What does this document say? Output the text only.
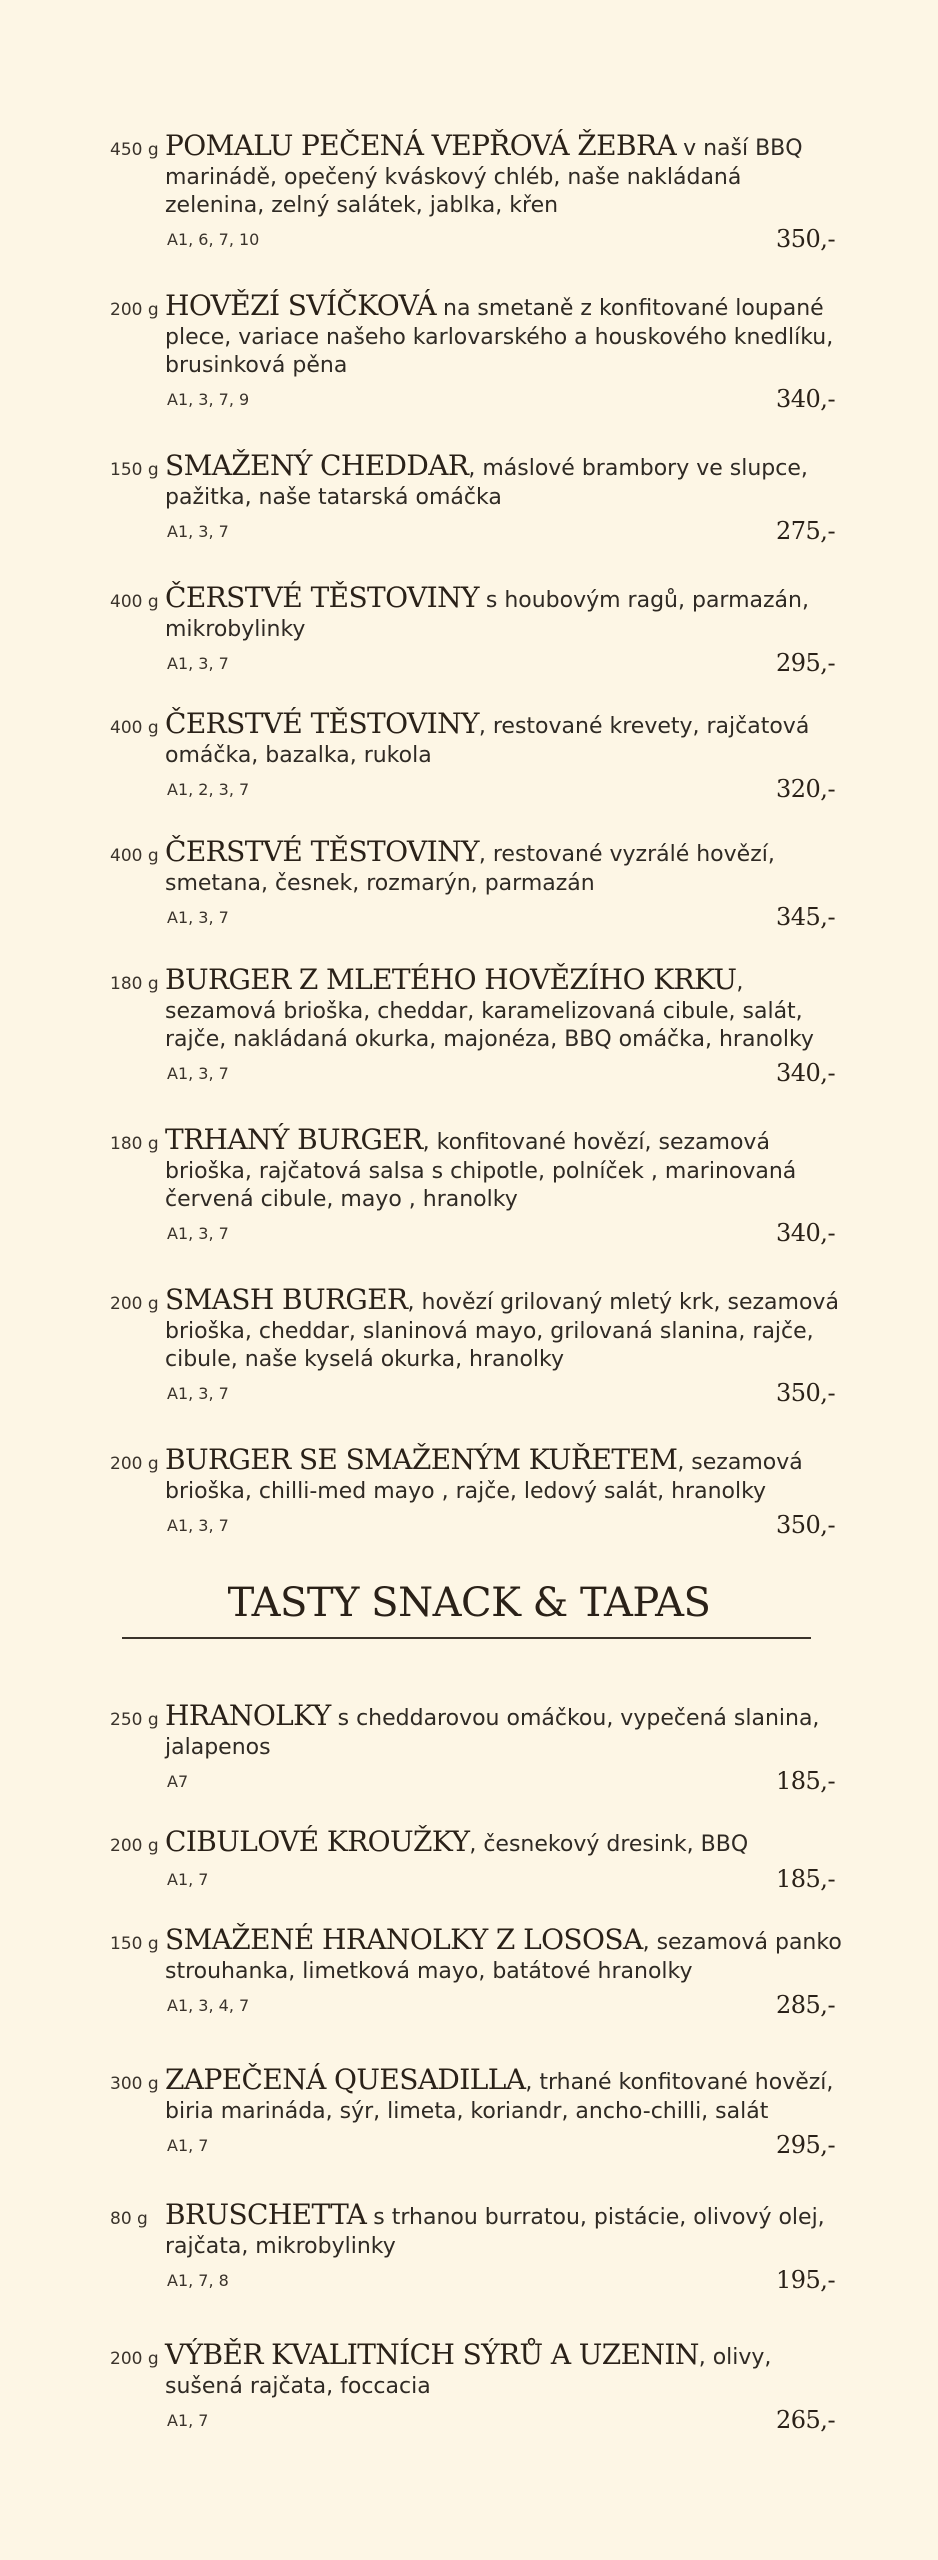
450 g POMALU PEČENÁ VEPŘOVÁ ŽEBRA v naší BBQ marinádě, opečený kváskový chléb, naše nakládaná zelenina, zelný salátek, jablka, křen
A1, 6, 7, 10	350,-
200 g HOVĚZÍ SVÍČKOVÁ na smetaně z konfitované loupané plece, variace našeho karlovarského a houskového knedlíku, brusinková pěna
A1, 3, 7, 9	340,-
150 g SMAŽENÝ CHEDDAR, máslové brambory ve slupce, pažitka, naše tatarská omáčka
A1, 3, 7	275,-
400 g ČERSTVÉ TĚSTOVINY s houbovým ragů, parmazán, mikrobylinky
A1, 3, 7	295,-
400 g ČERSTVÉ TĚSTOVINY, restované krevety, rajčatová omáčka, bazalka, rukola
A1, 2, 3, 7	320,-
400 g ČERSTVÉ TĚSTOVINY, restované vyzrálé hovězí, smetana, česnek, rozmarýn, parmazán
A1, 3, 7	345,-
180 g BURGER Z MLETÉHO HOVĚZÍHO KRKU, sezamová brioška, cheddar, karamelizovaná cibule, salát, rajče, nakládaná okurka, majonéza, BBQ omáčka, hranolky
A1, 3, 7	340,-
180 g TRHANÝ BURGER, konfitované hovězí, sezamová brioška, rajčatová salsa s chipotle, polníček , marinovaná červená cibule, mayo , hranolky
A1, 3, 7	340,-
200 g SMASH BURGER, hovězí grilovaný mletý krk, sezamová brioška, cheddar, slaninová mayo, grilovaná slanina, rajče, cibule, naše kyselá okurka, hranolky
A1, 3, 7	350,-
200 g BURGER SE SMAŽENÝM KUŘETEM, sezamová brioška, chilli-med mayo , rajče, ledový salát, hranolky
A1, 3, 7	350,-
TASTY SNACK & TAPAS
250 g HRANOLKY s cheddarovou omáčkou, vypečená slanina, jalapenos
A7	185,-
200 g CIBULOVÉ KROUŽKY, česnekový dresink, BBQ
A1, 7	185,-
150 g SMAŽENÉ HRANOLKY Z LOSOSA, sezamová panko strouhanka, limetková mayo, batátové hranolky
A1, 3, 4, 7	285,-
300 g ZAPEČENÁ QUESADILLA, trhané konfitované hovězí, biria marináda, sýr, limeta, koriandr, ancho-chilli, salát
A1, 7	295,-
80 g BRUSCHETTA s trhanou burratou, pistácie, olivový olej, rajčata, mikrobylinky
A1, 7, 8	195,-
200 g VÝBĚR KVALITNÍCH SÝRŮ A UZENIN, olivy, sušená rajčata, foccacia
A1, 7	265,-
